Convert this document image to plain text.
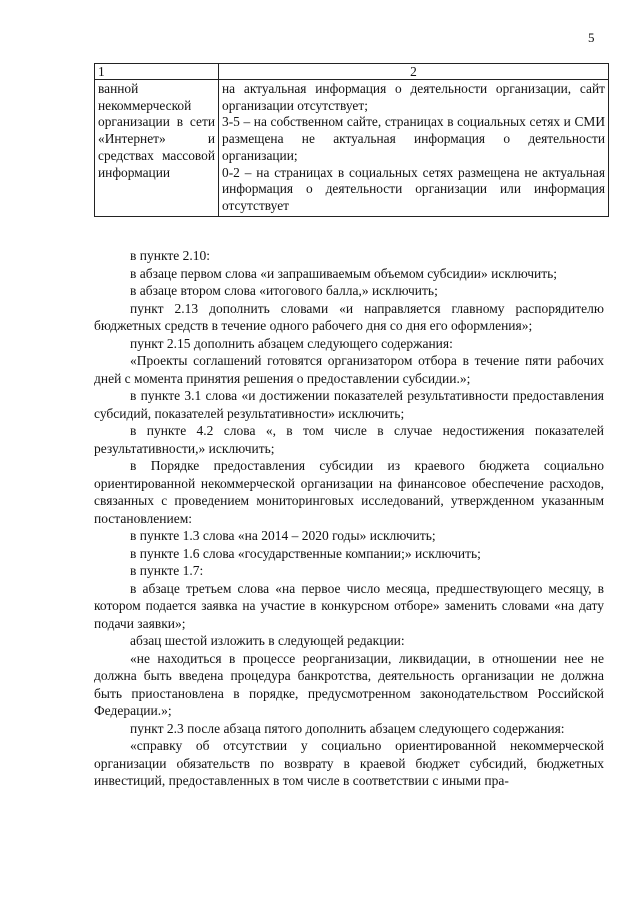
5
1	2
ванной некоммерческой организации в сети «Интернет» и средствах массовой информации	на актуальная информация о деятельности организации, сайт организации отсутствует;
3-5 – на собственном сайте, страницах в социальных сетях и СМИ размещена не актуальная информация о деятельности организации;
0-2 – на страницах в социальных сетях размещена не актуальная информация о деятельности организации или информация отсутствует

в пункте 2.10:

в абзаце первом слова «и запрашиваемым объемом субсидии» исключить;

в абзаце втором слова «итогового балла,» исключить;

пункт 2.13 дополнить словами «и направляется главному распорядителю бюджетных средств в течение одного рабочего дня со дня его оформления»;

пункт 2.15 дополнить абзацем следующего содержания:

«Проекты соглашений готовятся организатором отбора в течение пяти рабочих дней с момента принятия решения о предоставлении субсидии.»;

в пункте 3.1 слова «и достижении показателей результативности предоставления субсидий, показателей результативности» исключить;

в пункте 4.2 слова «, в том числе в случае недостижения показателей результативности,» исключить;

в Порядке предоставления субсидии из краевого бюджета социально ориентированной некоммерческой организации на финансовое обеспечение расходов, связанных с проведением мониторинговых исследований, утвержденном указанным постановлением:

в пункте 1.3 слова «на 2014 – 2020 годы» исключить;

в пункте 1.6 слова «государственные компании;» исключить;

в пункте 1.7:

в абзаце третьем слова «на первое число месяца, предшествующего месяцу, в котором подается заявка на участие в конкурсном отборе» заменить словами «на дату подачи заявки»;

абзац шестой изложить в следующей редакции:

«не находиться в процессе реорганизации, ликвидации, в отношении нее не должна быть введена процедура банкротства, деятельность организации не должна быть приостановлена в порядке, предусмотренном законодательством Российской Федерации.»;

пункт 2.3 после абзаца пятого дополнить абзацем следующего содержания:

«справку об отсутствии у социально ориентированной некоммерческой организации обязательств по возврату в краевой бюджет субсидий, бюджетных инвестиций, предоставленных в том числе в соответствии с иными пра-
